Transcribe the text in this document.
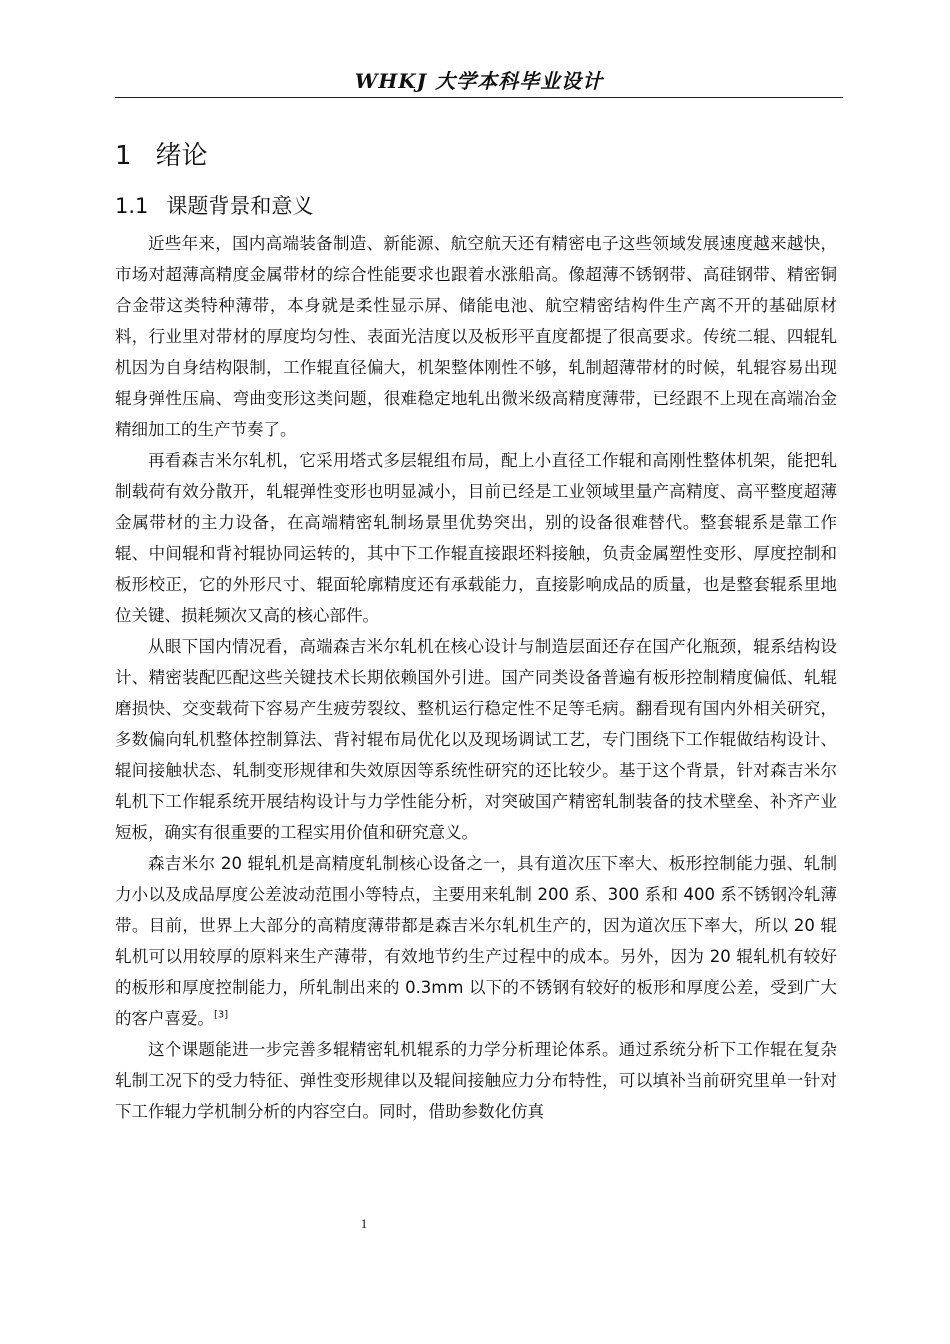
WHKJ 大学本科毕业设计
1 绪论
1.1 课题背景和意义

近些年来，国内高端装备制造、新能源、航空航天还有精密电子这些领域发展速度越来越快，市场对超薄高精度金属带材的综合性能要求也跟着水涨船高。像超薄不锈钢带、高硅钢带、精密铜合金带这类特种薄带，本身就是柔性显示屏、储能电池、航空精密结构件生产离不开的基础原材料，行业里对带材的厚度均匀性、表面光洁度以及板形平直度都提了很高要求。传统二辊、四辊轧机因为自身结构限制，工作辊直径偏大，机架整体刚性不够，轧制超薄带材的时候，轧辊容易出现辊身弹性压扁、弯曲变形这类问题，很难稳定地轧出微米级高精度薄带，已经跟不上现在高端冶金精细加工的生产节奏了。

再看森吉米尔轧机，它采用塔式多层辊组布局，配上小直径工作辊和高刚性整体机架，能把轧制载荷有效分散开，轧辊弹性变形也明显减小，目前已经是工业领域里量产高精度、高平整度超薄金属带材的主力设备，在高端精密轧制场景里优势突出，别的设备很难替代。整套辊系是靠工作辊、中间辊和背衬辊协同运转的，其中下工作辊直接跟坯料接触，负责金属塑性变形、厚度控制和板形校正，它的外形尺寸、辊面轮廓精度还有承载能力，直接影响成品的质量，也是整套辊系里地位关键、损耗频次又高的核心部件。

从眼下国内情况看，高端森吉米尔轧机在核心设计与制造层面还存在国产化瓶颈，辊系结构设计、精密装配匹配这些关键技术长期依赖国外引进。国产同类设备普遍有板形控制精度偏低、轧辊磨损快、交变载荷下容易产生疲劳裂纹、整机运行稳定性不足等毛病。翻看现有国内外相关研究，多数偏向轧机整体控制算法、背衬辊布局优化以及现场调试工艺，专门围绕下工作辊做结构设计、辊间接触状态、轧制变形规律和失效原因等系统性研究的还比较少。基于这个背景，针对森吉米尔轧机下工作辊系统开展结构设计与力学性能分析，对突破国产精密轧制装备的技术壁垒、补齐产业短板，确实有很重要的工程实用价值和研究意义。

森吉米尔 20 辊轧机是高精度轧制核心设备之一，具有道次压下率大、板形控制能力强、轧制力小以及成品厚度公差波动范围小等特点，主要用来轧制 200 系、300 系和 400 系不锈钢冷轧薄带。目前，世界上大部分的高精度薄带都是森吉米尔轧机生产的，因为道次压下率大，所以 20 辊轧机可以用较厚的原料来生产薄带，有效地节约生产过程中的成本。另外，因为 20 辊轧机有较好的板形和厚度控制能力，所轧制出来的 0.3mm 以下的不锈钢有较好的板形和厚度公差，受到广大的客户喜爱。[3]

这个课题能进一步完善多辊精密轧机辊系的力学分析理论体系。通过系统分析下工作辊在复杂轧制工况下的受力特征、弹性变形规律以及辊间接触应力分布特性，可以填补当前研究里单一针对下工作辊力学机制分析的内容空白。同时，借助参数化仿真

1
